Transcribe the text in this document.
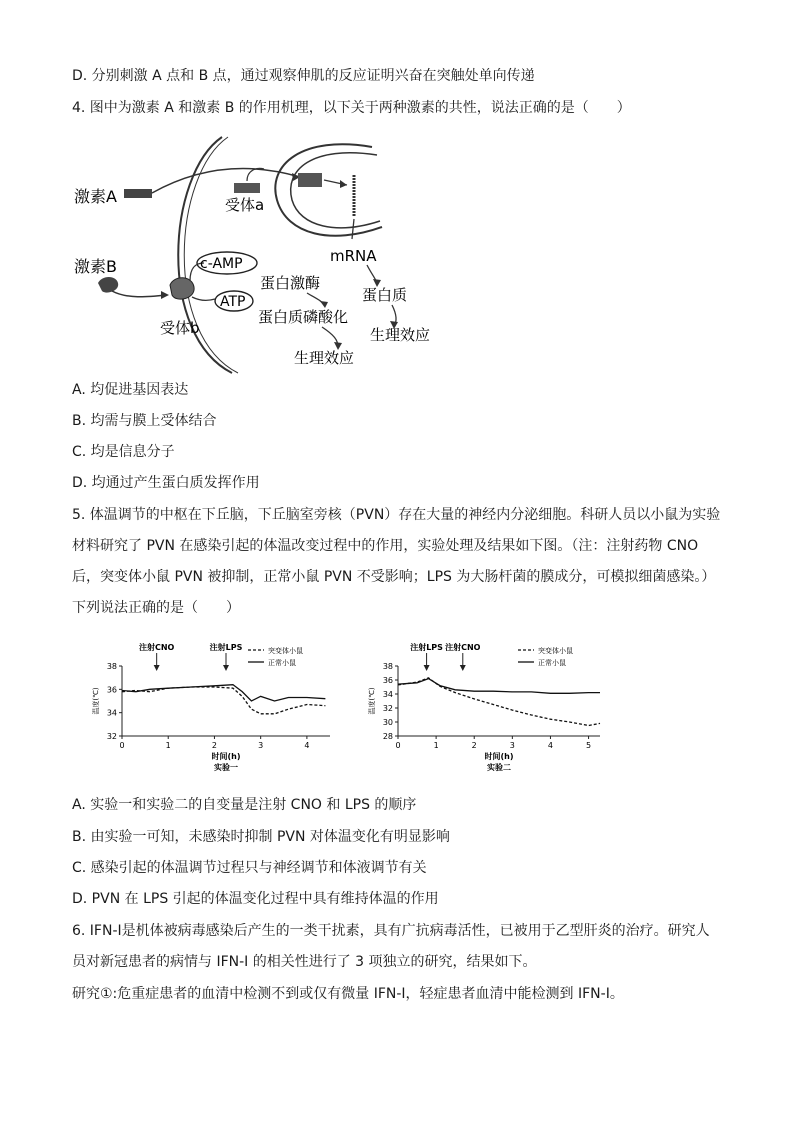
D. 分别刺激 A 点和 B 点，通过观察伸肌的反应证明兴奋在突触处单向传递
4. 图中为激素 A 和激素 B 的作用机理，以下关于两种激素的共性，说法正确的是（　　）
激素A	受体a
mRNA
蛋白质
生理效应
激素B
受体b
c-AMP
ATP
蛋白激酶
蛋白质磷酸化
生理效应
A. 均促进基因表达
B. 均需与膜上受体结合
C. 均是信息分子
D. 均通过产生蛋白质发挥作用
5. 体温调节的中枢在下丘脑，下丘脑室旁核（PVN）存在大量的神经内分泌细胞。科研人员以小鼠为实验
材料研究了 PVN 在感染引起的体温改变过程中的作用，实验处理及结果如下图。（注：注射药物 CNO
后，突变体小鼠 PVN 被抑制，正常小鼠 PVN 不受影响；LPS 为大肠杆菌的膜成分，可模拟细菌感染。）
下列说法正确的是（　　）
0	1	2	3	4
32
34
36
38
时间(h)
实验一
温度(℃)
注射CNO	注射LPS	突变体小鼠
正常小鼠
0	1	2	3	4	5
28
30
32
34
36
38
时间(h)
实验二
温度(℃)
注射LPS 注射CNO	突变体小鼠
正常小鼠
A. 实验一和实验二的自变量是注射 CNO 和 LPS 的顺序
B. 由实验一可知，未感染时抑制 PVN 对体温变化有明显影响
C. 感染引起的体温调节过程只与神经调节和体液调节有关
D. PVN 在 LPS 引起的体温变化过程中具有维持体温的作用
6. IFN-I是机体被病毒感染后产生的一类干扰素，具有广抗病毒活性，已被用于乙型肝炎的治疗。研究人
员对新冠患者的病情与 IFN-I 的相关性进行了 3 项独立的研究，结果如下。
研究①:危重症患者的血清中检测不到或仅有微量 IFN-I，轻症患者血清中能检测到 IFN-I。
